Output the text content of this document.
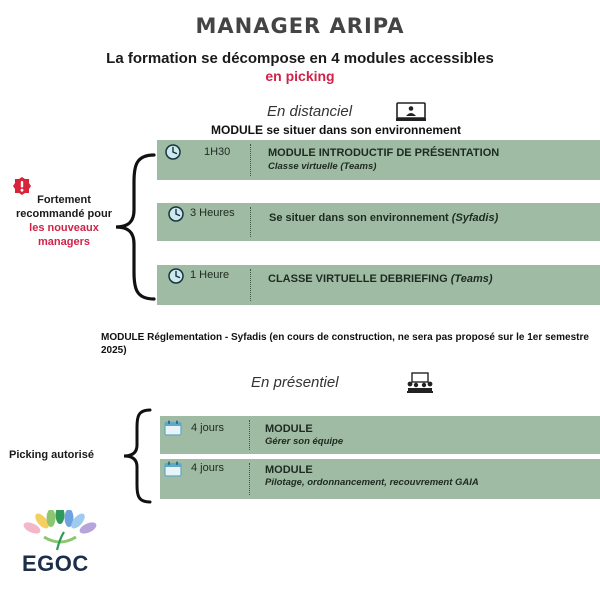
MANAGER ARIPA
La formation se décompose en 4 modules accessibles
en picking
En distanciel
MODULE se situer dans son environnement
1H30	MODULE INTRODUCTIF DE PRÉSENTATION
Classe virtuelle (Teams)
3 Heures	Se situer dans son environnement (Syfadis)
1 Heure	CLASSE VIRTUELLE DEBRIEFING (Teams)
Fortement
recommandé pour
les nouveaux
managers
MODULE Réglementation - Syfadis (en cours de construction, ne sera pas proposé sur le 1er semestre 2025)
En présentiel
Picking autorisé
4 jours	MODULE
Gérer son équipe
4 jours	MODULE
Pilotage, ordonnancement, recouvrement GAIA
EGOC
